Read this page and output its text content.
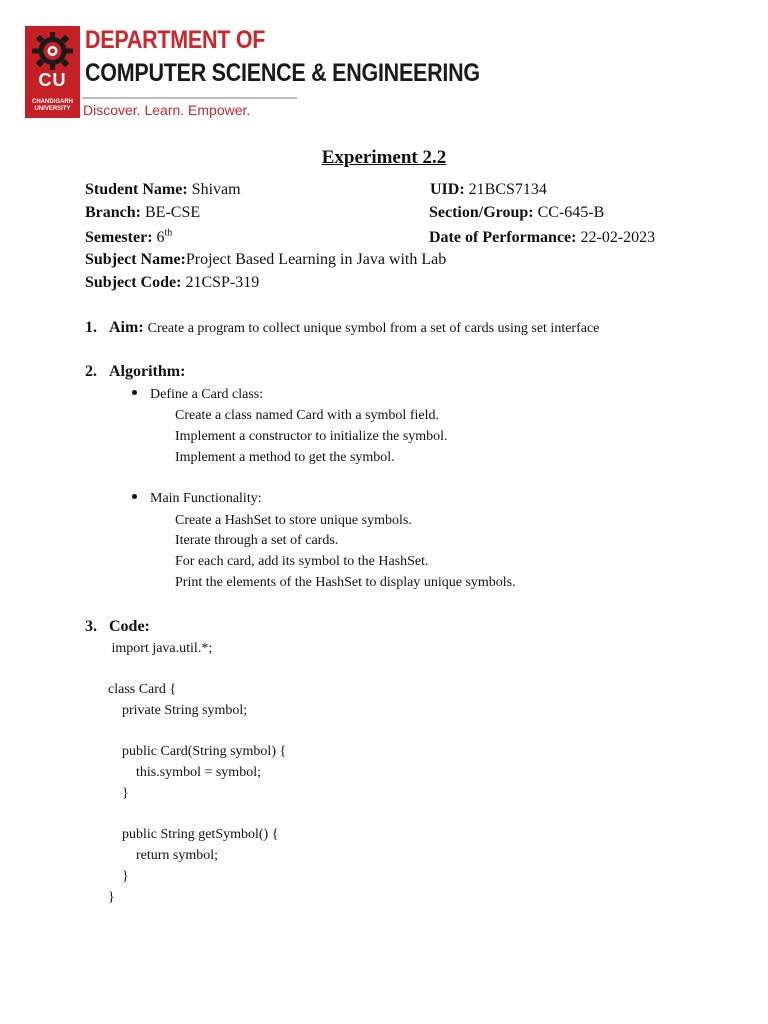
CU
CHANDIGARH UNIVERSITY
DEPARTMENT OF
COMPUTER SCIENCE & ENGINEERING
Discover. Learn. Empower.
Experiment 2.2
Student Name: Shivam	UID: 21BCS7134
Branch: BE-CSE	Section/Group: CC-645-B
Semester: 6th	Date of Performance: 22-02-2023
Subject Name:Project Based Learning in Java with Lab
Subject Code: 21CSP-319
1. Aim: Create a program to collect unique symbol from a set of cards using set interface
2. Algorithm:
Define a Card class:
Create a class named Card with a symbol field.
Implement a constructor to initialize the symbol.
Implement a method to get the symbol.
Main Functionality:
Create a HashSet to store unique symbols.
Iterate through a set of cards.
For each card, add its symbol to the HashSet.
Print the elements of the HashSet to display unique symbols.
3. Code:
import java.util.*;
class Card {
private String symbol;
public Card(String symbol) {
this.symbol = symbol;
}
public String getSymbol() {
return symbol;
}
}
